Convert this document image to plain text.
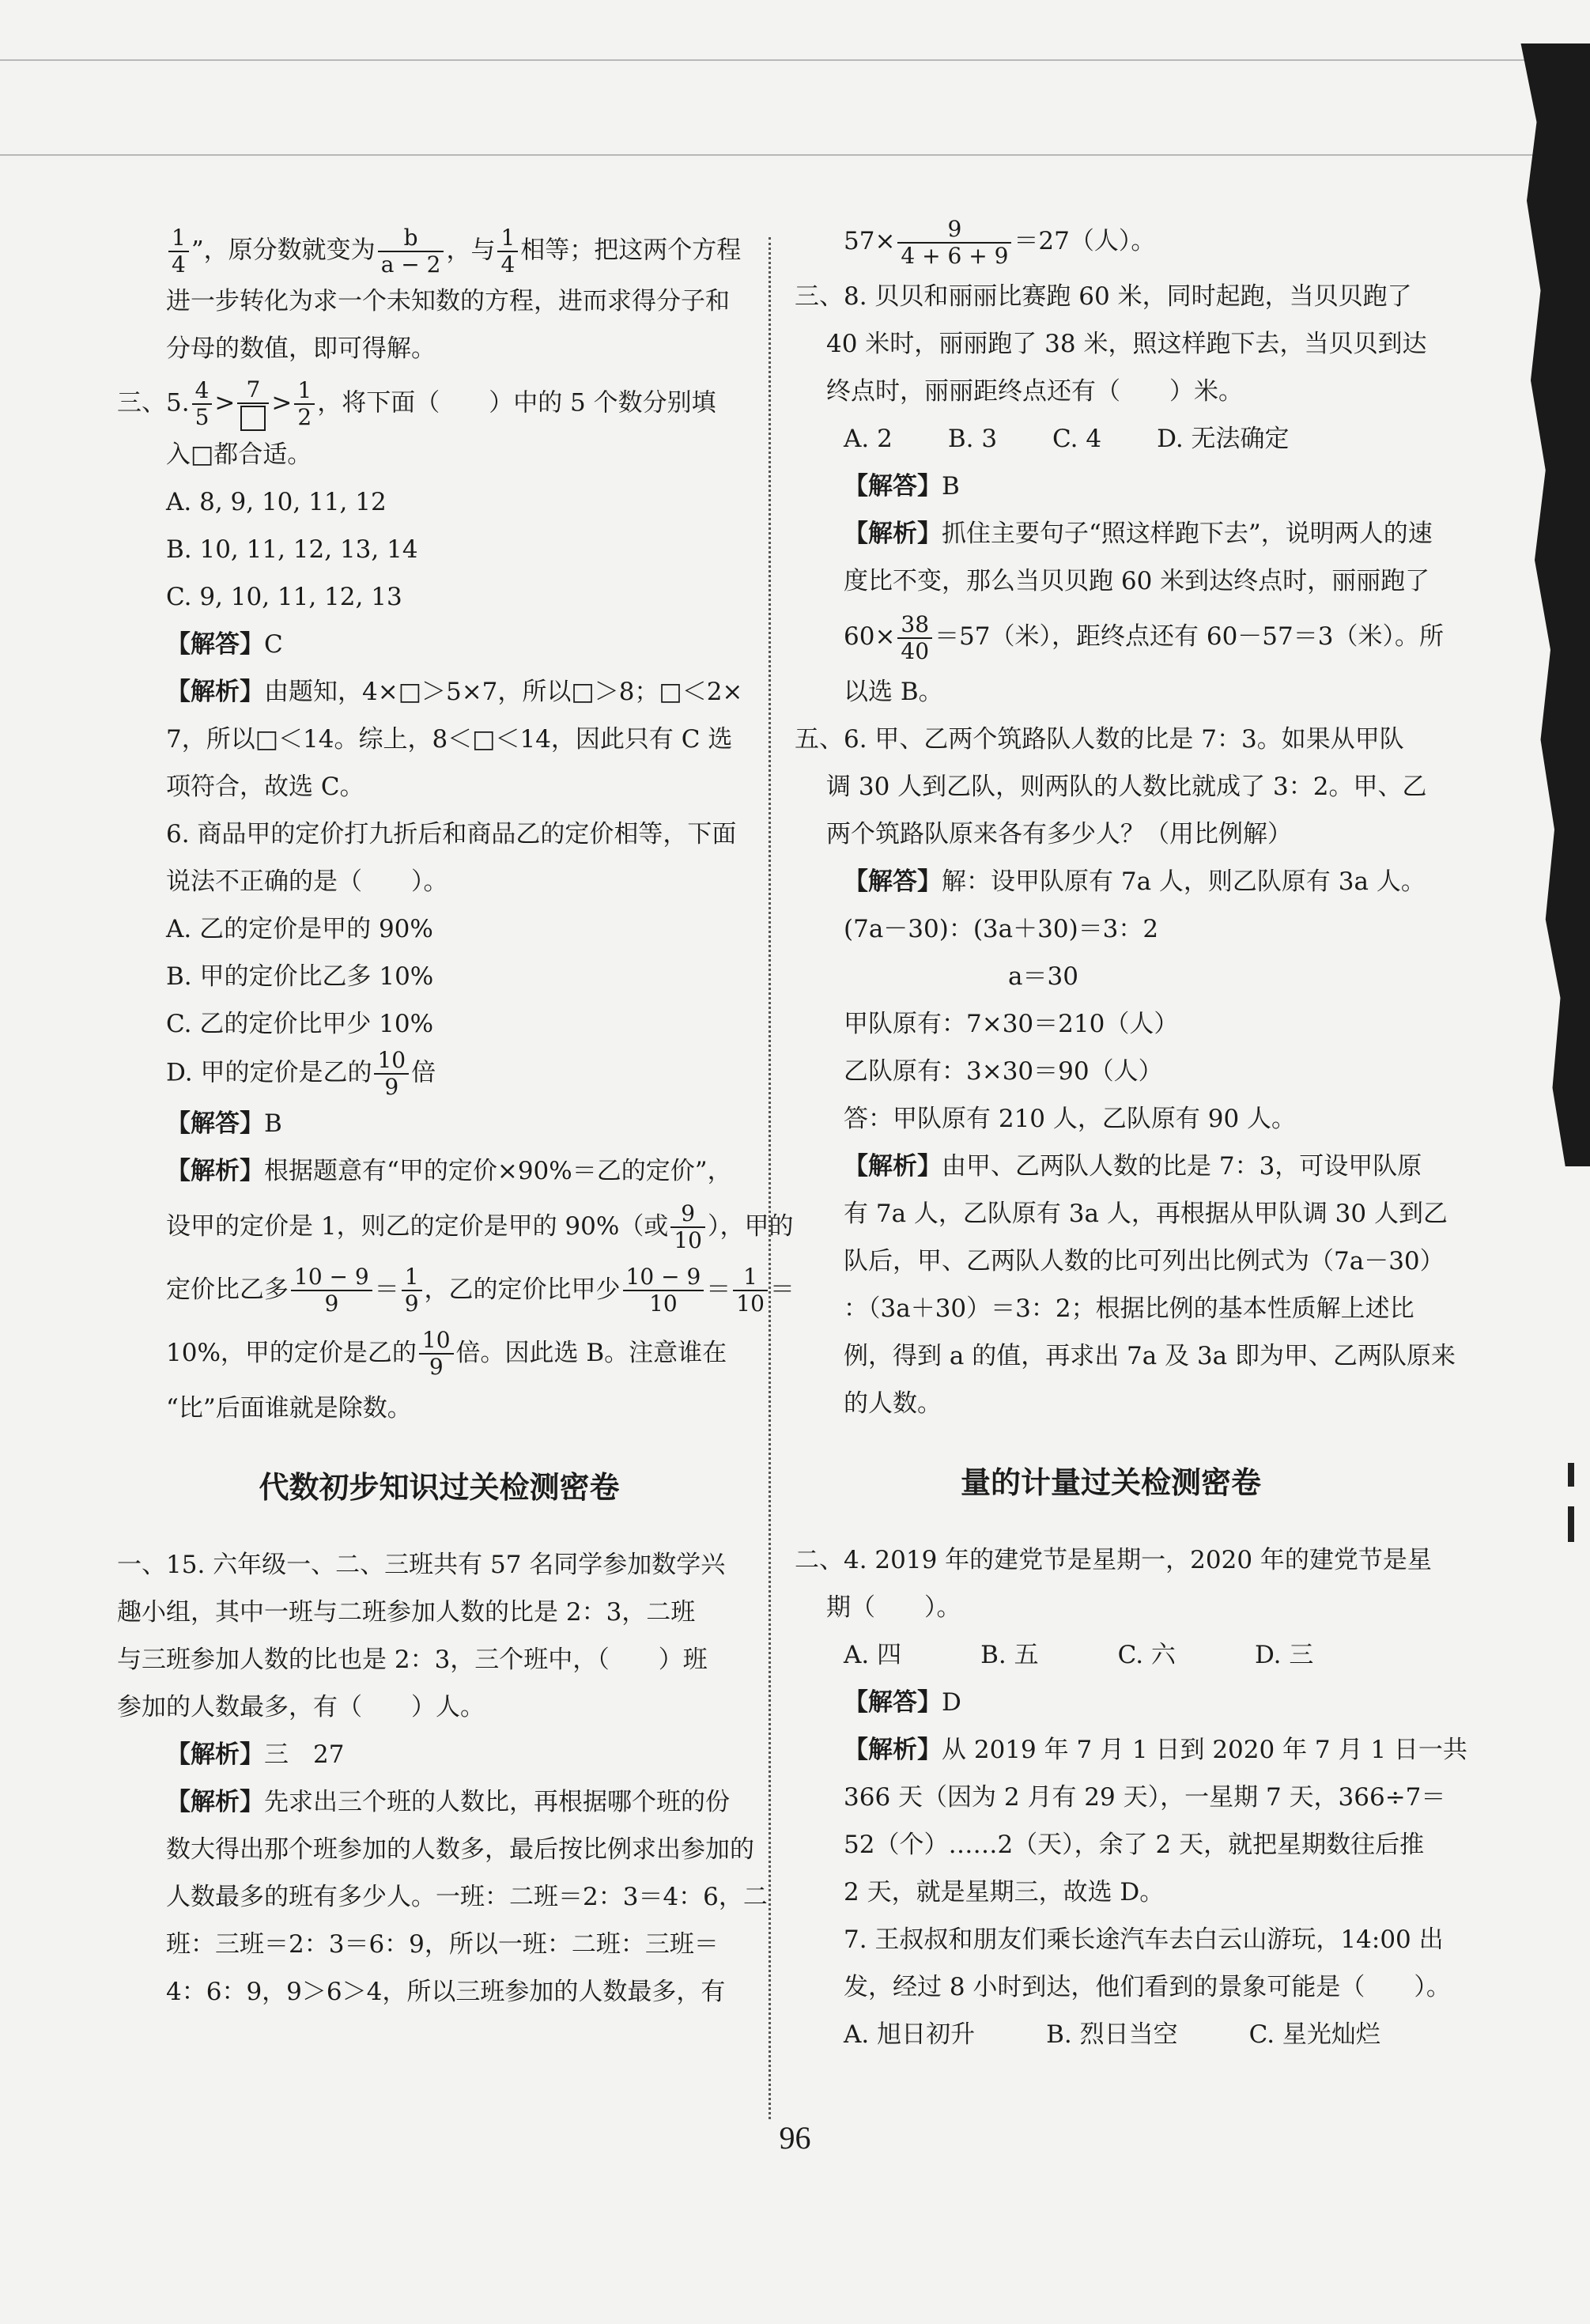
$\frac{1}{4}$ ”，原分数就变为 $\frac{b}{a - 2}$ ，与 $\frac{1}{4}$ 相等；把这两个方程
进一步转化为求一个未知数的方程，进而求得分子和
分母的数值，即可得解。
三、5. $\frac{4}{5} > 7 > \frac{1}{2}$ ，将下面（　　）中的 5 个数分别填
入□都合适。
A. 8, 9, 10, 11, 12
B. 10, 11, 12, 13, 14
C. 9, 10, 11, 12, 13
【解答】C
【解析】由题知，4×□＞5×7，所以□＞8；□＜2×
7，所以□＜14。综上，8＜□＜14，因此只有 C 选
项符合，故选 C。
6. 商品甲的定价打九折后和商品乙的定价相等，下面
说法不正确的是（　　）。
A. 乙的定价是甲的 90%
B. 甲的定价比乙多 10%
C. 乙的定价比甲少 10%
D. 甲的定价是乙的 $\frac{10}{9}$ 倍
【解答】B
【解析】根据题意有“甲的定价×90%＝乙的定价”，
设甲的定价是 1，则乙的定价是甲的 90%（或 $\frac{9}{10}$ ），甲的
定价比乙多 $\frac{10 - 9}{9} = \frac{1}{9}$ ，乙的定价比甲少 $\frac{10 - 9}{10} = \frac{1}{10}$ ＝
10%，甲的定价是乙的 $\frac{10}{9}$ 倍。因此选 B。注意谁在
“比”后面谁就是除数。
代数初步知识过关检测密卷
一、15. 六年级一、二、三班共有 57 名同学参加数学兴
趣小组，其中一班与二班参加人数的比是 2：3，二班
与三班参加人数的比也是 2：3，三个班中，（　　）班
参加的人数最多，有（　　）人。
【解析】三　27
【解析】先求出三个班的人数比，再根据哪个班的份
数大得出那个班参加的人数多，最后按比例求出参加的
人数最多的班有多少人。一班：二班＝2：3＝4：6，二
班：三班＝2：3＝6：9，所以一班：二班：三班＝
4：6：9，9＞6＞4，所以三班参加的人数最多，有
$57\times \frac{9}{4 + 6 + 9} =27$（人）。
三、8. 贝贝和丽丽比赛跑 60 米，同时起跑，当贝贝跑了
40 米时，丽丽跑了 38 米，照这样跑下去，当贝贝到达
终点时，丽丽距终点还有（　　）米。
A. 2 B. 3 C. 4 D. 无法确定
【解答】B
【解析】抓住主要句子“照这样跑下去”，说明两人的速
度比不变，那么当贝贝跑 60 米到达终点时，丽丽跑了
$60\times \frac{38}{40} =57$（米），距终点还有 60－57＝3（米）。所
以选 B。
五、6. 甲、乙两个筑路队人数的比是 7：3。如果从甲队
调 30 人到乙队，则两队的人数比就成了 3：2。甲、乙
两个筑路队原来各有多少人？（用比例解）
【解答】解：设甲队原有 7a 人，则乙队原有 3a 人。
(7a－30)：(3a＋30)＝3：2
a＝30
甲队原有：7×30＝210（人）
乙队原有：3×30＝90（人）
答：甲队原有 210 人，乙队原有 90 人。
【解析】由甲、乙两队人数的比是 7：3，可设甲队原
有 7a 人，乙队原有 3a 人，再根据从甲队调 30 人到乙
队后，甲、乙两队人数的比可列出比例式为（7a－30）
：（3a＋30）＝3：2；根据比例的基本性质解上述比
例，得到 a 的值，再求出 7a 及 3a 即为甲、乙两队原来
的人数。
量的计量过关检测密卷
二、4. 2019 年的建党节是星期一，2020 年的建党节是星
期（　　）。
A. 四	B. 五	C. 六	D. 三
【解答】D
【解析】从 2019 年 7 月 1 日到 2020 年 7 月 1 日一共
366 天（因为 2 月有 29 天），一星期 7 天，366÷7＝
52（个）……2（天），余了 2 天，就把星期数往后推
2 天，就是星期三，故选 D。
7. 王叔叔和朋友们乘长途汽车去白云山游玩，14:00 出
发，经过 8 小时到达，他们看到的景象可能是（　　）。
A. 旭日初升	B. 烈日当空	C. 星光灿烂
96
